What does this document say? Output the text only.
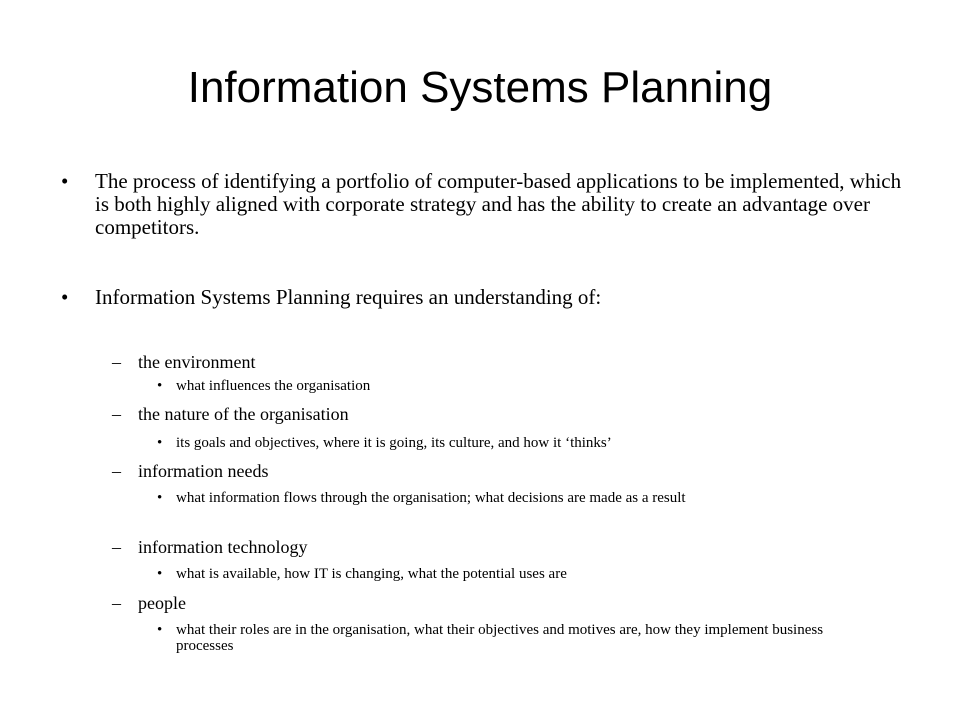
Information Systems Planning
• The process of identifying a portfolio of computer-based applications to be implemented, which is both highly aligned with corporate strategy and has the ability to create an advantage over competitors.
• Information Systems Planning requires an understanding of:
– the environment
• what influences the organisation
– the nature of the organisation
• its goals and objectives, where it is going, its culture, and how it ‘thinks’
– information needs
• what information flows through the organisation; what decisions are made as a result
– information technology
• what is available, how IT is changing, what the potential uses are
– people
• what their roles are in the organisation, what their objectives and motives are, how they implement business processes
